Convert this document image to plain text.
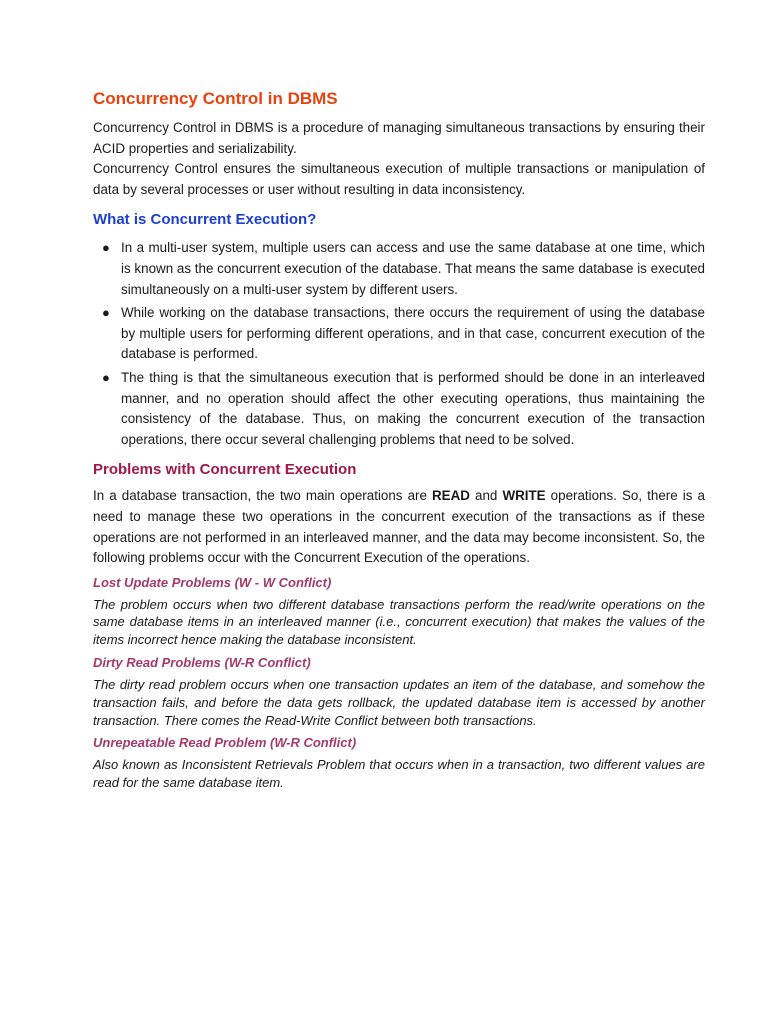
Concurrency Control in DBMS

Concurrency Control in DBMS is a procedure of managing simultaneous transactions by ensuring their ACID properties and serializability.

Concurrency Control ensures the simultaneous execution of multiple transactions or manipulation of data by several processes or user without resulting in data inconsistency.

What is Concurrent Execution?
● In a multi-user system, multiple users can access and use the same database at one time, which is known as the concurrent execution of the database. That means the same database is executed simultaneously on a multi-user system by different users.
● While working on the database transactions, there occurs the requirement of using the database by multiple users for performing different operations, and in that case, concurrent execution of the database is performed.
● The thing is that the simultaneous execution that is performed should be done in an interleaved manner, and no operation should affect the other executing operations, thus maintaining the consistency of the database. Thus, on making the concurrent execution of the transaction operations, there occur several challenging problems that need to be solved.
Problems with Concurrent Execution

In a database transaction, the two main operations are READ and WRITE operations. So, there is a need to manage these two operations in the concurrent execution of the transactions as if these operations are not performed in an interleaved manner, and the data may become inconsistent. So, the following problems occur with the Concurrent Execution of the operations.

Lost Update Problems (W - W Conflict)

The problem occurs when two different database transactions perform the read/write operations on the same database items in an interleaved manner (i.e., concurrent execution) that makes the values of the items incorrect hence making the database inconsistent.

Dirty Read Problems (W-R Conflict)

The dirty read problem occurs when one transaction updates an item of the database, and somehow the transaction fails, and before the data gets rollback, the updated database item is accessed by another transaction. There comes the Read-Write Conflict between both transactions.

Unrepeatable Read Problem (W-R Conflict)

Also known as Inconsistent Retrievals Problem that occurs when in a transaction, two different values are read for the same database item.
